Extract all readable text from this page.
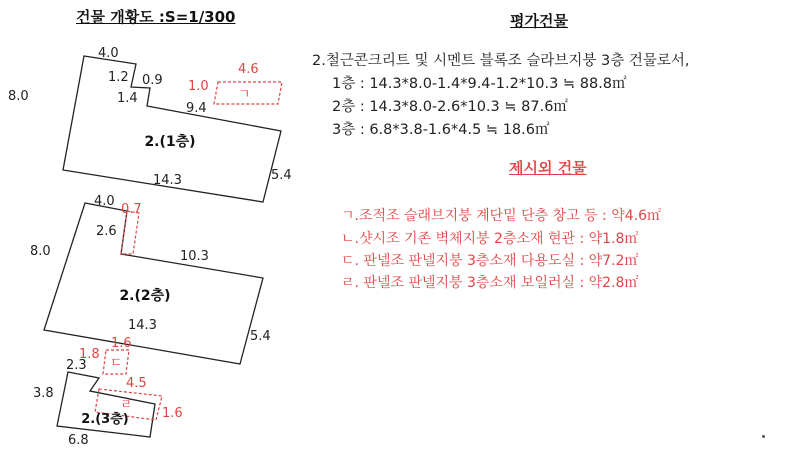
건물 개황도 :S=1/300
2.(1층)
4.0
8.0
1.2 0.9
1.4
9.4
5.4
14.3
ㄱ
4.6
1.0
2.(2층)
4.0
0.7
8.0
2.6
10.3
5.4
14.3
ㄷ
1.6
1.8
ㄹ
4.5
1.6
2.(3층)
2.3
3.8
6.8
평가건물
2.철근콘크리트 및 시멘트 블록조 슬라브지붕 3층 건물로서,
1층 : 14.3*8.0-1.4*9.4-1.2*10.3 ≒ 88.8㎡
2층 : 14.3*8.0-2.6*10.3 ≒ 87.6㎡
3층 : 6.8*3.8-1.6*4.5 ≒ 18.6㎡
제시외 건물
ㄱ.조적조 슬래브지붕 계단밑 단층 창고 등 : 약4.6㎡
ㄴ.샷시조 기존 벽체지붕 2층소재 현관 : 약1.8㎡
ㄷ. 판넬조 판넬지붕 3층소재 다용도실 : 약7.2㎡
ㄹ. 판넬조 판넬지붕 3층소재 보일러실 : 약2.8㎡
